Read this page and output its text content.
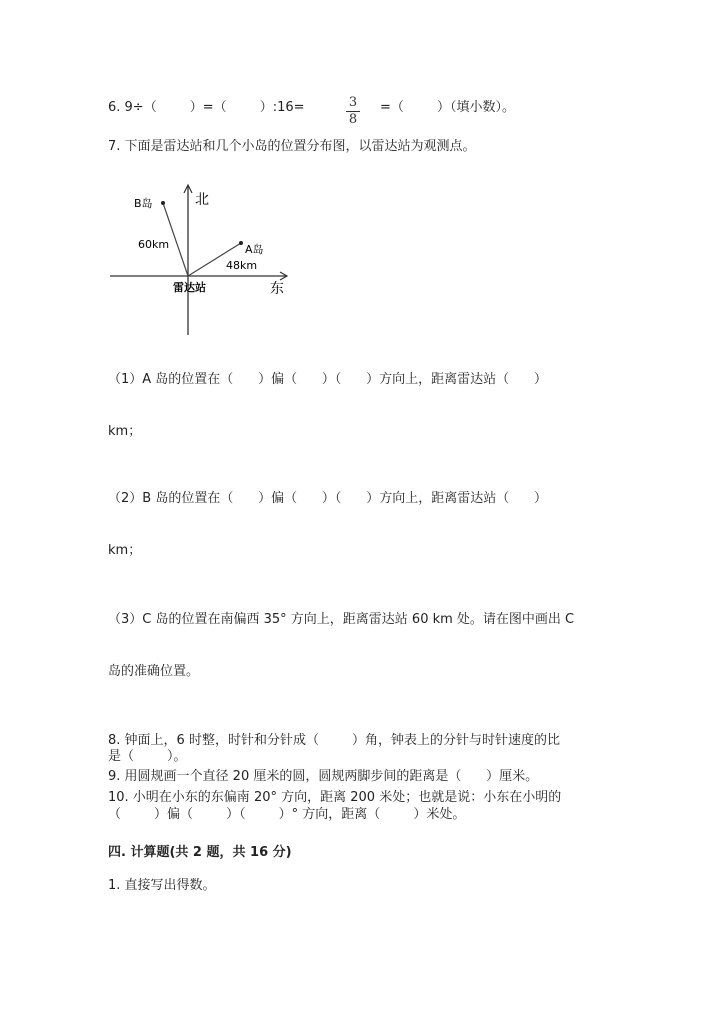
6. 9÷（        ）=（        ）:16=	3
8
=（        ）（填小数）。
7. 下面是雷达站和几个小岛的位置分布图，以雷达站为观测点。
北
东
雷达站
B岛
60km	A岛
48km
（1）A 岛的位置在（      ）偏（      ）（      ）方向上，距离雷达站（      ）
km；
（2）B 岛的位置在（      ）偏（      ）（      ）方向上，距离雷达站（      ）
km；
（3）C 岛的位置在南偏西 35° 方向上，距离雷达站 60 km 处。请在图中画出 C
岛的准确位置。
8. 钟面上，6 时整，时针和分针成（        ）角，钟表上的分针与时针速度的比
是（        ）。
9. 用圆规画一个直径 20 厘米的圆，圆规两脚步间的距离是（      ）厘米。
10. 小明在小东的东偏南 20° 方向，距离 200 米处；也就是说：小东在小明的
（        ）偏（        ）（        ）° 方向，距离（        ）米处。
四. 计算题(共 2 题，共 16 分)
1. 直接写出得数。
